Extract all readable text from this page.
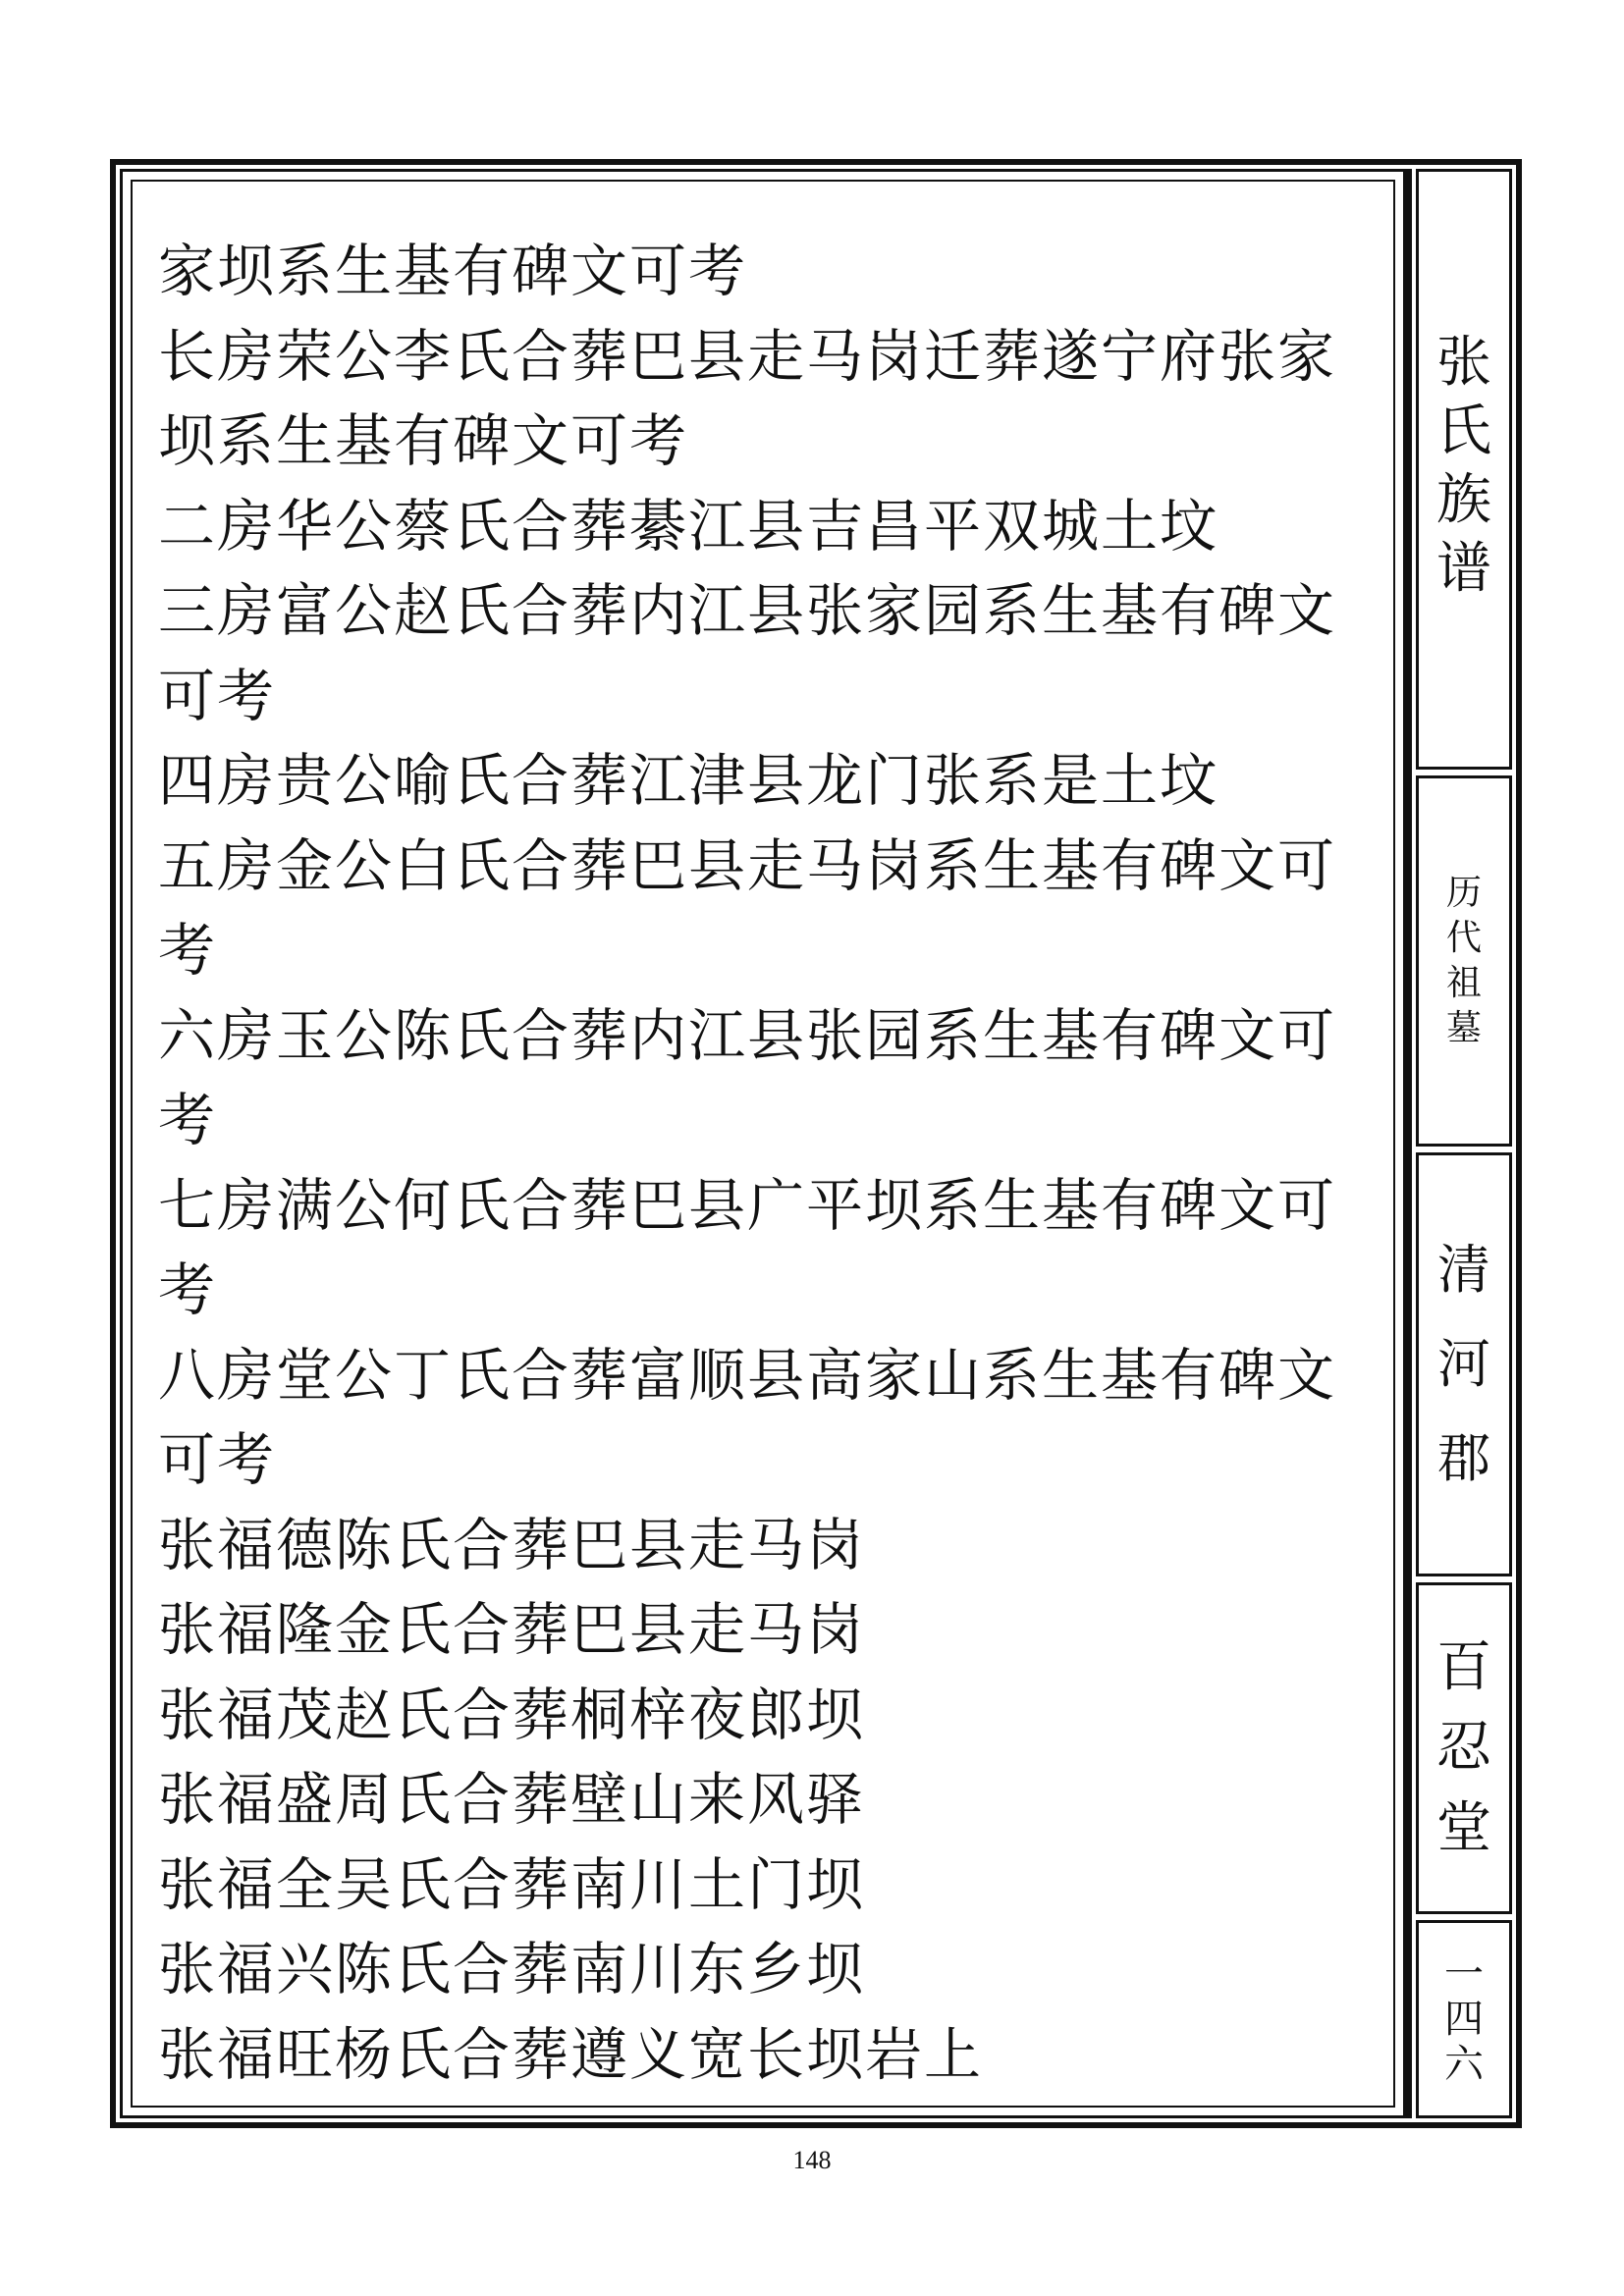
家坝系生基有碑文可考
长房荣公李氏合葬巴县走马岗迁葬遂宁府张家
坝系生基有碑文可考
二房华公蔡氏合葬綦江县吉昌平双城土坟
三房富公赵氏合葬内江县张家园系生基有碑文
可考
四房贵公喻氏合葬江津县龙门张系是土坟
五房金公白氏合葬巴县走马岗系生基有碑文可
考
六房玉公陈氏合葬内江县张园系生基有碑文可
考
七房满公何氏合葬巴县广平坝系生基有碑文可
考
八房堂公丁氏合葬富顺县高家山系生基有碑文
可考
张福德陈氏合葬巴县走马岗
张福隆金氏合葬巴县走马岗
张福茂赵氏合葬桐梓夜郎坝
张福盛周氏合葬壁山来风驿
张福全吴氏合葬南川土门坝
张福兴陈氏合葬南川东乡坝
张福旺杨氏合葬遵义宽长坝岩上
张
氏
族
谱
历
代
祖
墓
清
河
郡
百
忍
堂
一
四
六
148
